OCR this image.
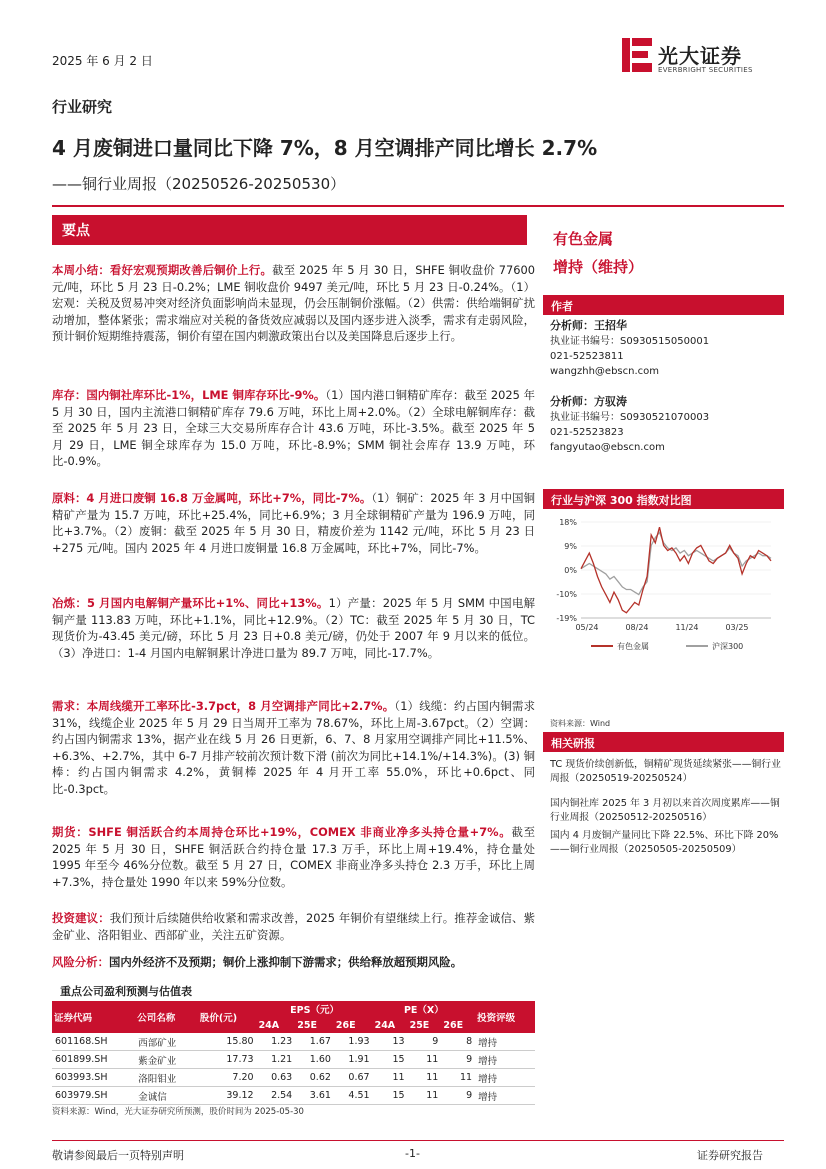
2025 年 6 月 2 日	光大证券
EVERBRIGHT SECURITIES
行业研究
4 月废铜进口量同比下降 7%，8 月空调排产同比增长 2.7%
——铜行业周报（20250526-20250530）
要点
本周小结：看好宏观预期改善后铜价上行。截至 2025 年 5 月 30 日，SHFE 铜收盘价 77600 元/吨，环比 5 月 23 日-0.2%；LME 铜收盘价 9497 美元/吨，环比 5 月 23 日-0.24%。（1）宏观：关税及贸易冲突对经济负面影响尚未显现，仍会压制铜价涨幅。（2）供需：供给端铜矿扰动增加，整体紧张；需求端应对关税的备货效应减弱以及国内逐步进入淡季，需求有走弱风险，预计铜价短期维持震荡，铜价有望在国内刺激政策出台以及美国降息后逐步上行。
库存：国内铜社库环比-1%，LME 铜库存环比-9%。（1）国内港口铜精矿库存：截至 2025 年 5 月 30 日，国内主流港口铜精矿库存 79.6 万吨，环比上周+2.0%。（2）全球电解铜库存：截至 2025 年 5 月 23 日，全球三大交易所库存合计 43.6 万吨，环比-3.5%。截至 2025 年 5 月 29 日，LME 铜全球库存为 15.0 万吨，环比-8.9%；SMM 铜社会库存 13.9 万吨，环比-0.9%。
原料：4 月进口废铜 16.8 万金属吨，环比+7%，同比-7%。（1）铜矿：2025 年 3 月中国铜精矿产量为 15.7 万吨，环比+25.4%，同比+6.9%；3 月全球铜精矿产量为 196.9 万吨，同比+3.7%。（2）废铜：截至 2025 年 5 月 30 日，精废价差为 1142 元/吨，环比 5 月 23 日+275 元/吨。国内 2025 年 4 月进口废铜量 16.8 万金属吨，环比+7%，同比-7%。
冶炼：5 月国内电解铜产量环比+1%、同比+13%。1）产量：2025 年 5 月 SMM 中国电解铜产量 113.83 万吨，环比+1.1%，同比+12.9%。（2）TC：截至 2025 年 5 月 30 日，TC 现货价为-43.45 美元/磅，环比 5 月 23 日+0.8 美元/磅，仍处于 2007 年 9 月以来的低位。（3）净进口：1-4 月国内电解铜累计净进口量为 89.7 万吨，同比-17.7%。
需求：本周线缆开工率环比-3.7pct，8 月空调排产同比+2.7%。（1）线缆：约占国内铜需求 31%，线缆企业 2025 年 5 月 29 日当周开工率为 78.67%，环比上周-3.67pct。（2）空调：约占国内铜需求 13%，据产业在线 5 月 26 日更新，6、7、8 月家用空调排产同比+11.5%、+6.3%、+2.7%，其中 6-7 月排产较前次预计数下滑 (前次为同比+14.1%/+14.3%)。(3) 铜棒：约占国内铜需求 4.2%，黄铜棒 2025 年 4 月开工率 55.0%，环比+0.6pct、同比-0.3pct。
期货：SHFE 铜活跃合约本周持仓环比+19%，COMEX 非商业净多头持仓量+7%。截至 2025 年 5 月 30 日，SHFE 铜活跃合约持仓量 17.3 万手，环比上周+19.4%，持仓量处 1995 年至今 46%分位数。截至 5 月 27 日，COMEX 非商业净多头持仓 2.3 万手，环比上周+7.3%，持仓量处 1990 年以来 59%分位数。
投资建议：我们预计后续随供给收紧和需求改善，2025 年铜价有望继续上行。推荐金诚信、紫金矿业、洛阳钼业、西部矿业，关注五矿资源。
风险分析：国内外经济不及预期；铜价上涨抑制下游需求；供给释放超预期风险。
重点公司盈利预测与估值表
证券代码	公司名称	股价(元)	EPS（元）			PE（X）			投资评级
			24A	25E	26E	24A	25E	26E	
601168.SH	西部矿业	15.80	1.23	1.67	1.93	13	9	8	增持
601899.SH	紫金矿业	17.73	1.21	1.60	1.91	15	11	9	增持
603993.SH	洛阳钼业	7.20	0.63	0.62	0.67	11	11	11	增持
603979.SH	金诚信	39.12	2.54	3.61	4.51	15	11	9	增持
资料来源：Wind，光大证券研究所预测，股价时间为 2025-05-30
有色金属
增持（维持）
作者
分析师：王招华
执业证书编号：S0930515050001
021-52523811
wangzhh@ebscn.com
分析师：方驭涛
执业证书编号：S0930521070003
021-52523823
fangyutao@ebscn.com
行业与沪深 300 指数对比图
18%
9%
0%
-10%
-19%
05/24	08/24	11/24	03/25
有色金属	沪深300
资料来源：Wind
相关研报
TC 现货价续创新低，铜精矿现货延续紧张——铜行业周报（20250519-20250524）
国内铜社库 2025 年 3 月初以来首次周度累库——铜行业周报（20250512-20250516）
国内 4 月废铜产量同比下降 22.5%、环比下降 20%——铜行业周报（20250505-20250509）
敬请参阅最后一页特别声明	-1-	证券研究报告
